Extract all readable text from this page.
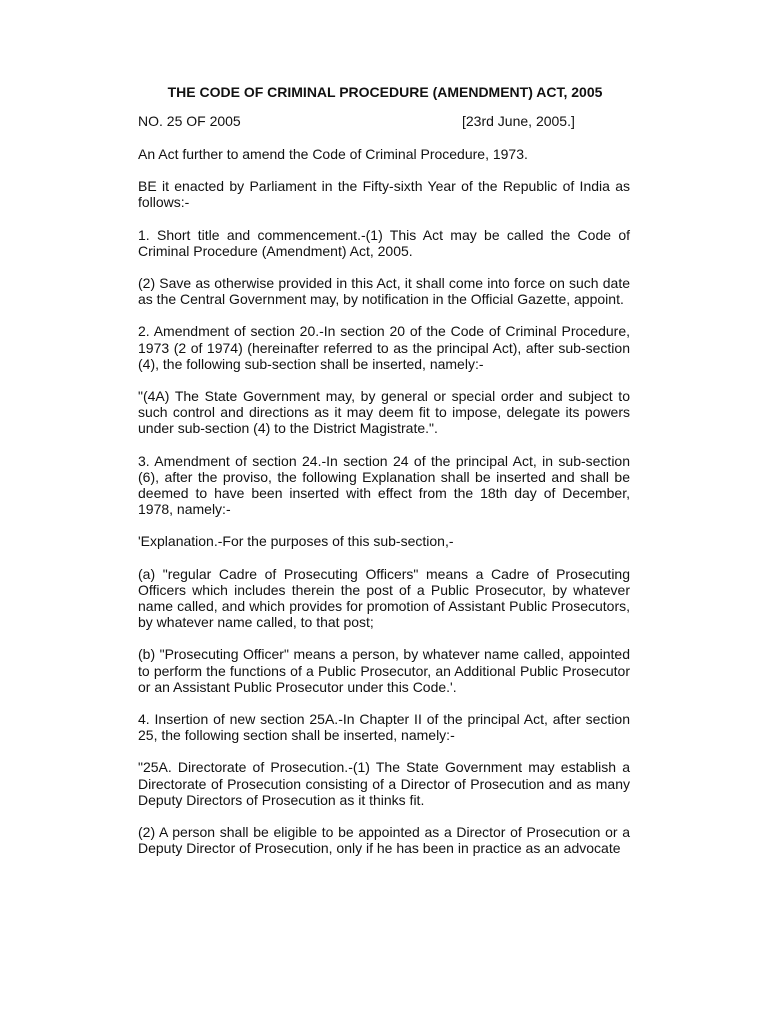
THE CODE OF CRIMINAL PROCEDURE (AMENDMENT) ACT, 2005
NO. 25 OF 2005	[23rd June, 2005.]

An Act further to amend the Code of Criminal Procedure, 1973.

BE it enacted by Parliament in the Fifty-sixth Year of the Republic of India as follows:-

1. Short title and commencement.-(1) This Act may be called the Code of Criminal Procedure (Amendment) Act, 2005.

(2) Save as otherwise provided in this Act, it shall come into force on such date as the Central Government may, by notification in the Official Gazette, appoint.

2. Amendment of section 20.-In section 20 of the Code of Criminal Procedure, 1973 (2 of 1974) (hereinafter referred to as the principal Act), after sub-section (4), the following sub-section shall be inserted, namely:-

"(4A) The State Government may, by general or special order and subject to such control and directions as it may deem fit to impose, delegate its powers under sub-section (4) to the District Magistrate.".

3. Amendment of section 24.-In section 24 of the principal Act, in sub-section (6), after the proviso, the following Explanation shall be inserted and shall be deemed to have been inserted with effect from the 18th day of December, 1978, namely:-

'Explanation.-For the purposes of this sub-section,-

(a) "regular Cadre of Prosecuting Officers" means a Cadre of Prosecuting Officers which includes therein the post of a Public Prosecutor, by whatever name called, and which provides for promotion of Assistant Public Prosecutors, by whatever name called, to that post;

(b) "Prosecuting Officer" means a person, by whatever name called, appointed to perform the functions of a Public Prosecutor, an Additional Public Prosecutor or an Assistant Public Prosecutor under this Code.'.

4. Insertion of new section 25A.-In Chapter II of the principal Act, after section 25, the following section shall be inserted, namely:-

"25A. Directorate of Prosecution.-(1) The State Government may establish a Directorate of Prosecution consisting of a Director of Prosecution and as many Deputy Directors of Prosecution as it thinks fit.

(2) A person shall be eligible to be appointed as a Director of Prosecution or a Deputy Director of Prosecution, only if he has been in practice as an advocate
